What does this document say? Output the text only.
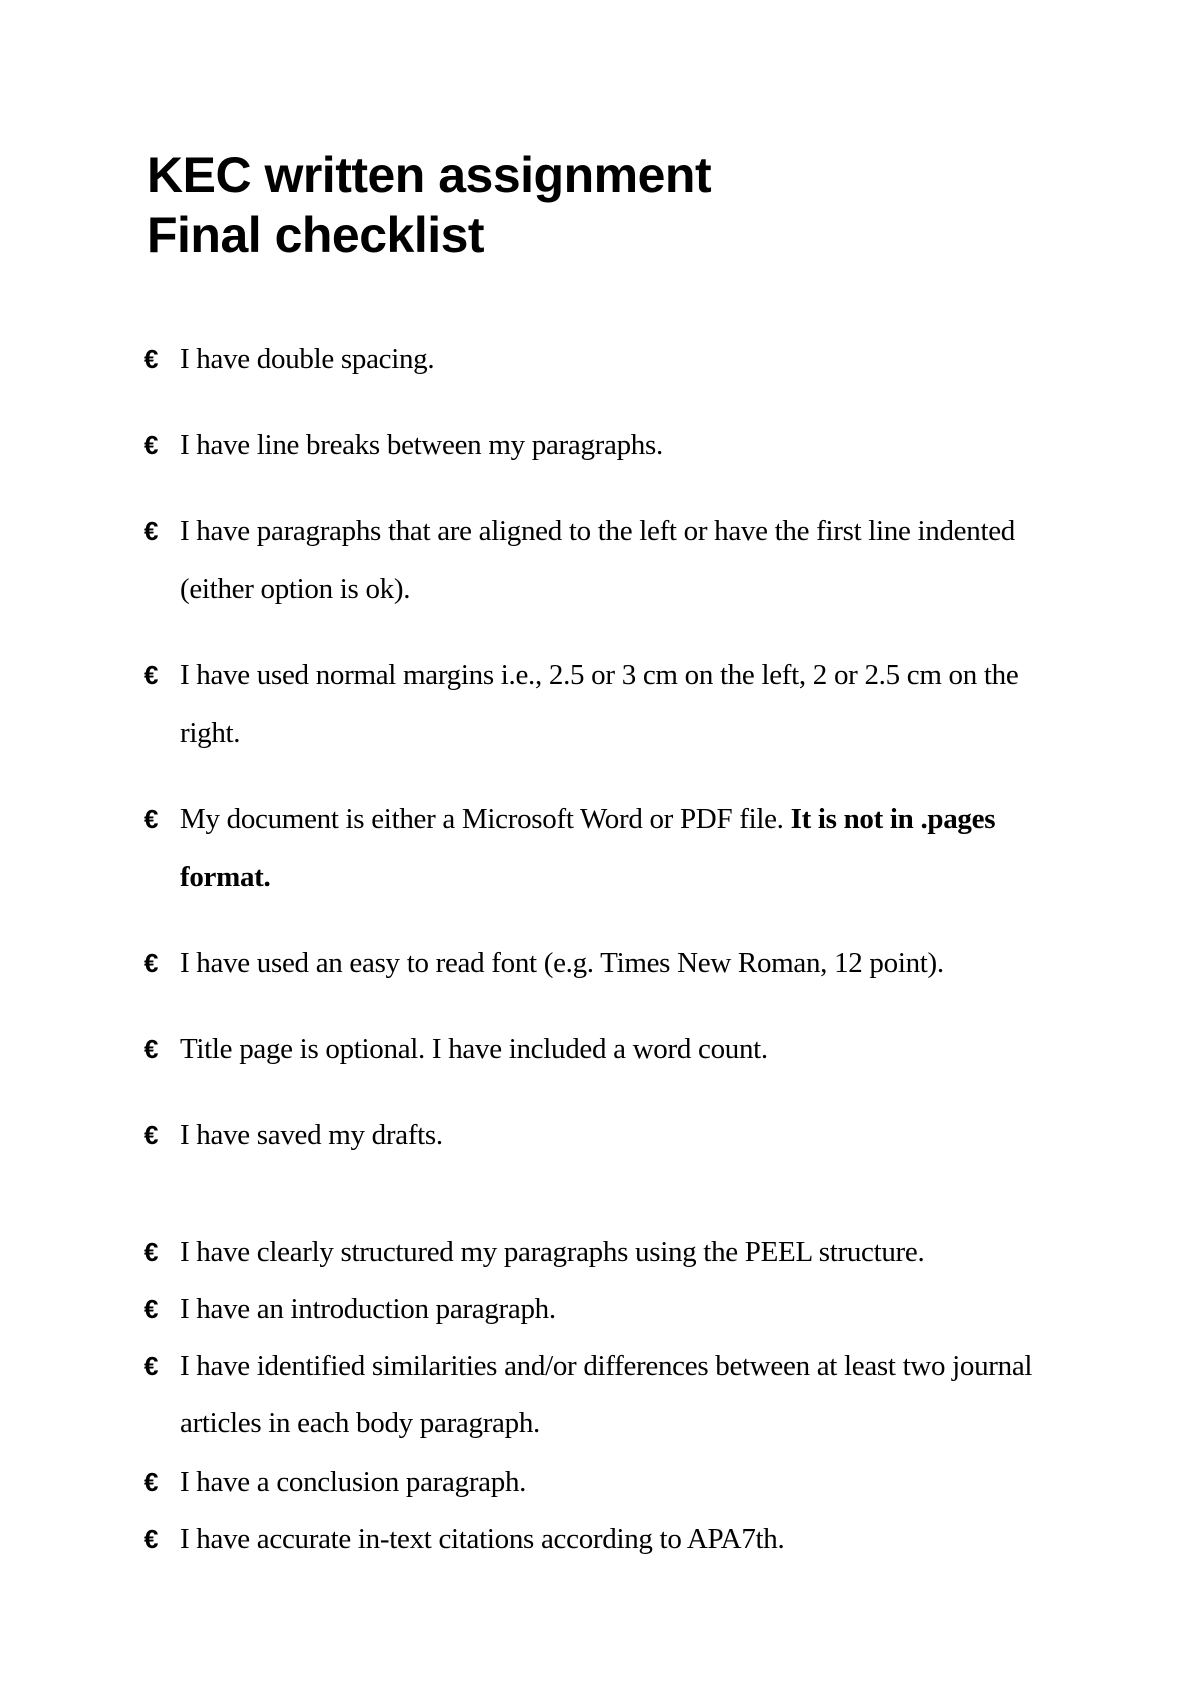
KEC written assignment
Final checklist
€ I have double spacing.
€ I have line breaks between my paragraphs.
€ I have paragraphs that are aligned to the left or have the first line indented (either option is ok).
€ I have used normal margins i.e., 2.5 or 3 cm on the left, 2 or 2.5 cm on the right.
€ My document is either a Microsoft Word or PDF file. It is not in .pages format.
€ I have used an easy to read font (e.g. Times New Roman, 12 point).
€ Title page is optional. I have included a word count.
€ I have saved my drafts.
€ I have clearly structured my paragraphs using the PEEL structure.
€ I have an introduction paragraph.
€ I have identified similarities and/or differences between at least two journal articles in each body paragraph.
€ I have a conclusion paragraph.
€ I have accurate in-text citations according to APA7th.
